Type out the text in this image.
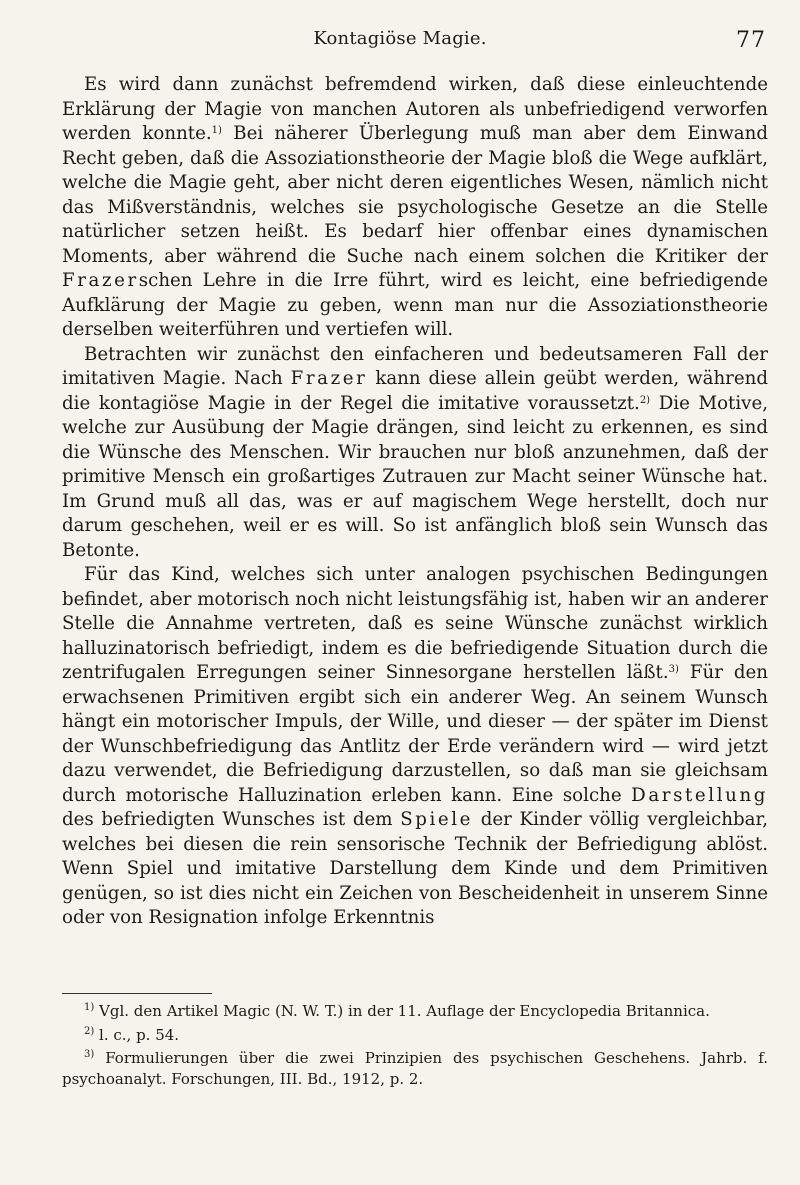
Kontagiöse Magie.	77

Es wird dann zunächst befremdend wirken, daß diese einleuchtende Erklärung der Magie von manchen Autoren als unbefriedigend verworfen werden konnte.$^{1)}$ Bei näherer Überlegung muß man aber dem Einwand Recht geben, daß die Assoziationstheorie der Magie bloß die Wege aufklärt, welche die Magie geht, aber nicht deren eigentliches Wesen, nämlich nicht das Mißverständnis, welches sie psychologische Gesetze an die Stelle natürlicher setzen heißt. Es bedarf hier offenbar eines dynamischen Moments, aber während die Suche nach einem solchen die Kritiker der Frazerschen Lehre in die Irre führt, wird es leicht, eine befriedigende Aufklärung der Magie zu geben, wenn man nur die Assoziationstheorie derselben weiterführen und vertiefen will.

Betrachten wir zunächst den einfacheren und bedeutsameren Fall der imitativen Magie. Nach Frazer kann diese allein geübt werden, während die kontagiöse Magie in der Regel die imitative voraussetzt.$^{2)}$ Die Motive, welche zur Ausübung der Magie drängen, sind leicht zu erkennen, es sind die Wünsche des Menschen. Wir brauchen nur bloß anzunehmen, daß der primitive Mensch ein großartiges Zutrauen zur Macht seiner Wünsche hat. Im Grund muß all das, was er auf magischem Wege herstellt, doch nur darum geschehen, weil er es will. So ist anfänglich bloß sein Wunsch das Betonte.

Für das Kind, welches sich unter analogen psychischen Bedingungen befindet, aber motorisch noch nicht leistungsfähig ist, haben wir an anderer Stelle die Annahme vertreten, daß es seine Wünsche zunächst wirklich halluzinatorisch befriedigt, indem es die befriedigende Situation durch die zentrifugalen Erregungen seiner Sinnesorgane herstellen läßt.$^{3)}$ Für den erwachsenen Primitiven ergibt sich ein anderer Weg. An seinem Wunsch hängt ein motorischer Impuls, der Wille, und dieser — der später im Dienst der Wunschbefriedigung das Antlitz der Erde verändern wird — wird jetzt dazu verwendet, die Befriedigung darzustellen, so daß man sie gleichsam durch motorische Halluzination erleben kann. Eine solche Darstellung des befriedigten Wunsches ist dem Spiele der Kinder völlig vergleichbar, welches bei diesen die rein sensorische Technik der Befriedigung ablöst. Wenn Spiel und imitative Darstellung dem Kinde und dem Primitiven genügen, so ist dies nicht ein Zeichen von Bescheidenheit in unserem Sinne oder von Resignation infolge Erkenntnis

$^{1)}$ Vgl. den Artikel Magic (N. W. T.) in der 11. Auflage der Encyclopedia Britannica.

$^{2)}$ l. c., p. 54.

$^{3)}$ Formulierungen über die zwei Prinzipien des psychischen Geschehens. Jahrb. f. psychoanalyt. Forschungen, III. Bd., 1912, p. 2.
